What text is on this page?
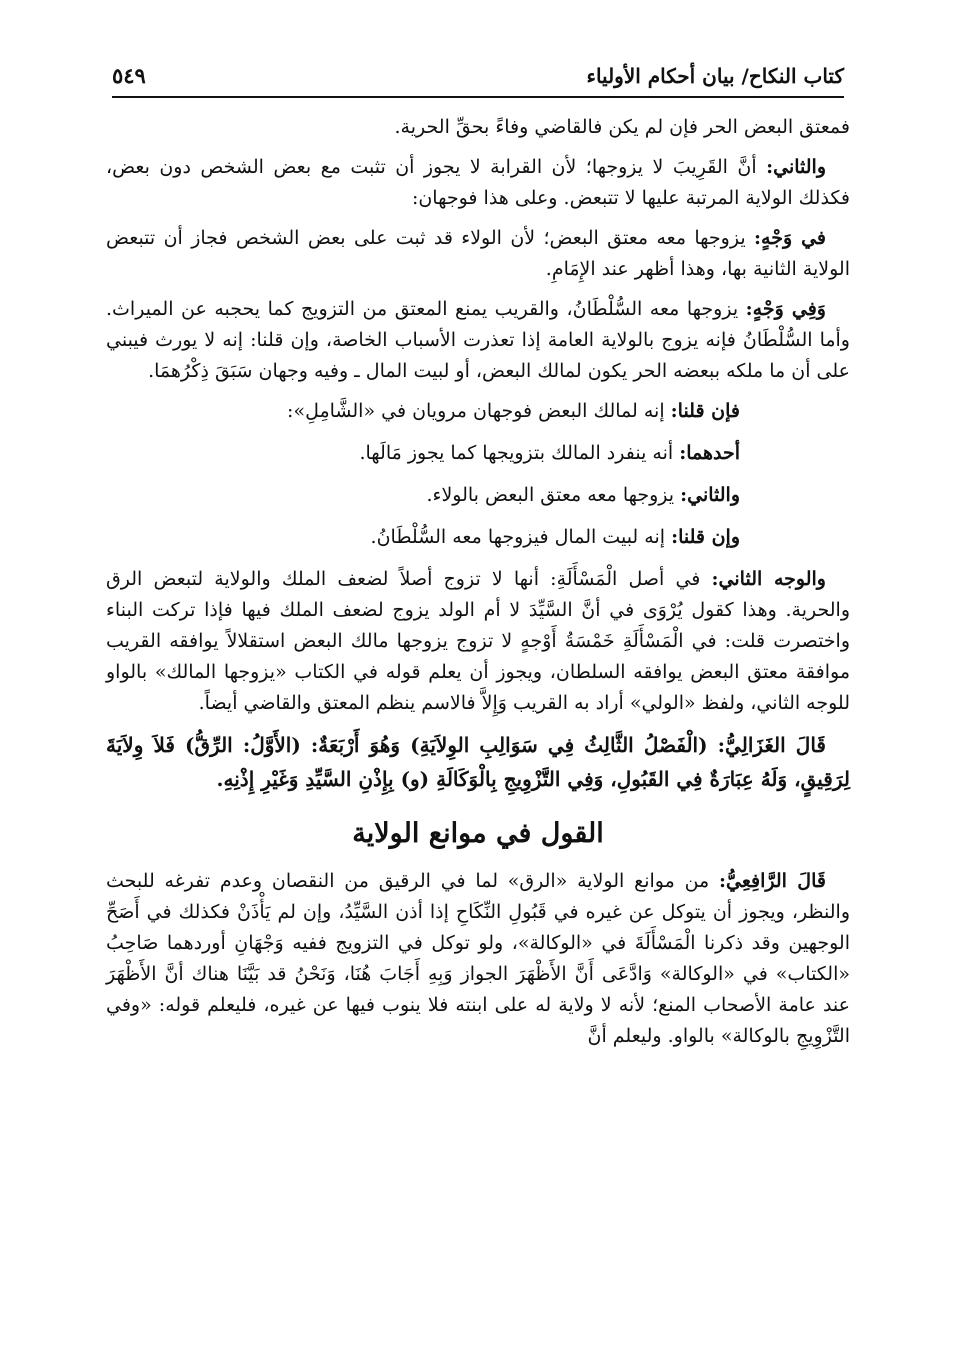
كتاب النكاح/ بيان أحكام الأولياء
٥٤٩

فمعتق البعض الحر فإن لم يكن فالقاضي وفاءً بحقِّ الحرية.

والثاني: أنَّ القَرِيبَ لا يزوجها؛ لأن القرابة لا يجوز أن تثبت مع بعض الشخص دون بعض، فكذلك الولاية المرتبة عليها لا تتبعض. وعلى هذا فوجهان:

في وَجْهٍ: يزوجها معه معتق البعض؛ لأن الولاء قد ثبت على بعض الشخص فجاز أن تتبعض الولاية الثانية بها، وهذا أظهر عند الإِمَامِ.

وَفِي وَجْهٍ: يزوجها معه السُّلْطَانُ، والقريب يمنع المعتق من التزويج كما يحجبه عن الميراث. وأما السُّلْطَانُ فإنه يزوج بالولاية العامة إذا تعذرت الأسباب الخاصة، وإن قلنا: إنه لا يورث فيبني على أن ما ملكه ببعضه الحر يكون لمالك البعض، أو لبيت المال ـ وفيه وجهان سَبَقَ ذِكْرُهمَا.

فإن قلنا: إنه لمالك البعض فوجهان مرويان في «الشَّامِلِ»:

أحدهما: أنه ينفرد المالك بتزويجها كما يجوز مَالَها.

والثاني: يزوجها معه معتق البعض بالولاء.

وإن قلنا: إنه لبيت المال فيزوجها معه السُّلْطَانُ.

والوجه الثاني: في أصل الْمَسْأَلَةِ: أنها لا تزوج أصلاً لضعف الملك والولاية لتبعض الرق والحرية. وهذا كقول يُرْوَى في أنَّ السَّيِّدَ لا أم الولد يزوج لضعف الملك فيها فإذا تركت البناء واختصرت قلت: في الْمَسْأَلَةِ خَمْسَةُ أَوْجهٍ لا تزوج يزوجها مالك البعض استقلالاً يوافقه القريب موافقة معتق البعض يوافقه السلطان، ويجوز أن يعلم قوله في الكتاب «يزوجها المالك» بالواو للوجه الثاني، ولفظ «الولي» أراد به القريب وَإِلاَّ فالاسم ينظم المعتق والقاضي أيضاً.

قَالَ الغَزَالِيُّ: (الْفَصْلُ الثَّالِثُ فِي سَوَالِبِ الوِلاَيَةِ) وَهُوَ أَرْبَعَةٌ: (الأَوَّلُ: الرِّقُّ) فَلاَ وِلاَيَةَ لِرَقِيقٍ، وَلَهُ عِبَارَةٌ فِي القَبُولِ، وَفِي التَّزْوِيجِ بِالْوَكَالَةِ (و) بِإِذْنِ السَّيِّدِ وَغَيْرِ إِذْنِهِ.

القول في موانع الولاية

قَالَ الرَّافِعِيُّ: من موانع الولاية «الرق» لما في الرقيق من النقصان وعدم تفرغه للبحث والنظر، ويجوز أن يتوكل عن غيره في قَبُولِ النِّكَاحِ إذا أذن السَّيِّدُ، وإن لم يَأْذَنْ فكذلك في أَصَحِّ الوجهين وقد ذكرنا الْمَسْأَلَةَ في «الوكالة»، ولو توكل في التزويج ففيه وَجْهَانِ أوردهما صَاحِبُ «الكتاب» في «الوكالة» وَادَّعَى أَنَّ الأَظْهَرَ الجواز وَبِهِ أَجَابَ هُنَا، وَنَحْنُ قد بَيَّنَا هناك أنَّ الأَظْهَرَ عند عامة الأصحاب المنع؛ لأنه لا ولاية له على ابنته فلا ينوب فيها عن غيره، فليعلم قوله: «وفي التَّزْوِيجِ بالوكالة» بالواو. وليعلم أنَّ
